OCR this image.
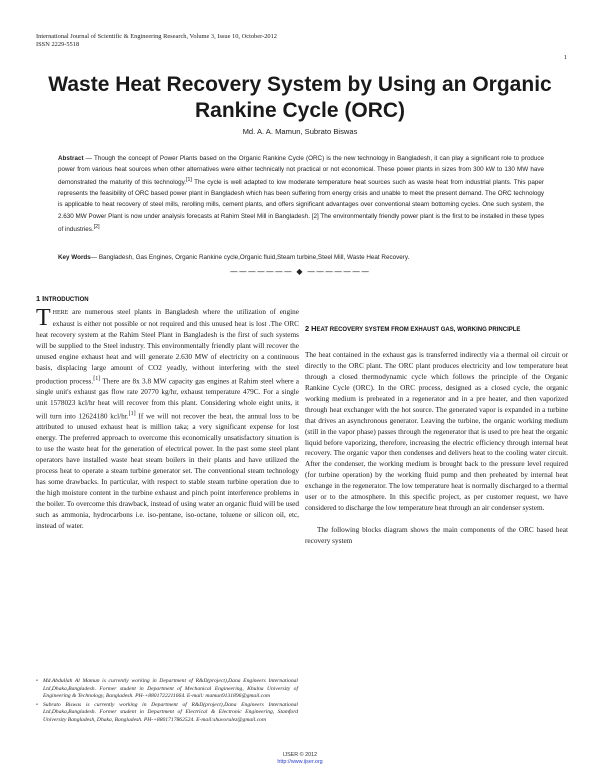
International Journal of Scientific & Engineering Research, Volume 3, Issue 10, October-2012
ISSN 2229-5518
1
Waste Heat Recovery System by Using an Organic Rankine Cycle (ORC)
Md. A. A. Mamun, Subrato Biswas
Abstract — Though the concept of Power Plants based on the Organic Rankine Cycle (ORC) is the new technology in Bangladesh, it can play a significant role to produce power from various heat sources when other alternatives were either technically not practical or not economical. These power plants in sizes from 300 kW to 130 MW have demonstrated the maturity of this technology.[1] The cycle is well adapted to low moderate temperature heat sources such as waste heat from industrial plants. This paper represents the feasibility of ORC based power plant in Bangladesh which has been suffering from energy crisis and unable to meet the present demand. The ORC technology is applicable to heat recovery of steel mills, rerolling mills, cement plants, and offers significant advantages over conventional steam bottoming cycles. One such system, the 2.630 MW Power Plant is now under analysis forecasts at Rahim Steel Mill in Bangladesh. [2] The environmentally friendly power plant is the first to be installed in these types of industries.[2]
Key Words— Bangladesh, Gas Engines, Organic Rankine cycle,Organic fluid,Steam turbine,Steel Mill, Waste Heat Recovery.
——————— ◆ ———————
1 INTRODUCTION

THERE are numerous steel plants in Bangladesh where the utilization of engine exhaust is either not possible or not required and this unused heat is lost .The ORC heat recovery system at the Rahim Steel Plant in Bangladesh is the first of such systems will be supplied to the Steel industry. This environmentally friendly plant will recover the unused engine exhaust heat and will generate 2.630 MW of electricity on a continuous basis, displacing large amount of CO2 yeadly, without interfering with the steel production process.[1] There are 8x 3.8 MW capacity gas engines at Rahim steel where a single unit's exhaust gas flow rate 20770 kg/hr, exhaust temperature 479C. For a single unit 1578023 kcl/hr heat will recover from this plant. Considering whole eight units, it will turn into 12624180 kcl/hr.[1] If we will not recover the heat, the annual loss to be attributed to unused exhaust heat is million taka; a very significant expense for lost energy. The preferred approach to overcome this economically unsatisfactory situation is to use the waste heat for the generation of electrical power. In the past some steel plant operators have installed waste heat steam boilers in their plants and have utilized the process heat to operate a steam turbine generator set. The conventional steam technology has some drawbacks. In particular, with respect to stable steam turbine operation due to the high moisture content in the turbine exhaust and pinch point interference problems in the boiler. To overcome this drawback, instead of using water an organic fluid will be used such as ammonia, hydrocarbons i.e. iso-pentane, iso-octane, toluene or silicon oil, etc, instead of water.

2 HEAT RECOVERY SYSTEM FROM EXHAUST GAS, WORKING PRINCIPLE

The heat contained in the exhaust gas is transferred indirectly via a thermal oil circuit or directly to the ORC plant. The ORC plant produces electricity and low temperature heat through a closed thermodynamic cycle which follows the principle of the Organic Rankine Cycle (ORC). In the ORC process, designed as a closed cycle, the organic working medium is preheated in a regenerator and in a pre heater, and then vaporized through heat exchanger with the hot source. The generated vapor is expanded in a turbine that drives an asynchronous generator. Leaving the turbine, the organic working medium (still in the vapor phase) passes through the regenerator that is used to pre heat the organic liquid before vaporizing, therefore, increasing the electric efficiency through internal heat recovery. The organic vapor then condenses and delivers heat to the cooling water circuit. After the condenser, the working medium is brought back to the pressure level required (for turbine operation) by the working fluid pump and then preheated by internal heat exchange in the regenerator. The low temperature heat is normally discharged to a thermal user or to the atmosphere. In this specific project, as per customer request, we have considered to discharge the low temperature heat through an air condenser system.

The following blocks diagram shows the main components of the ORC based heat recovery system

• Md.Abdullah Al Mamun is currently working in Department of R&D(project),Dana Engineers International Ltd,Dhaka,Bangladesh. Former student in Department of Mechanical Engineering, Khulna University of Engineering & Technology, Bangladesh. PH-+8801722211664. E-mail: mamun9131896@gmail.com
• Subrato Biswas is currently working in Department of R&D(project),Dana Engineers International Ltd,Dhaka,Bangladesh. Former student in Department of Electrical & Electronic Engineering, Stamford University Bangladesh, Dhaka, Bangladesh. PH-+8801717862524. E-mail:shuvorulez@gmail.com
IJSER © 2012
http://www.ijser.org
